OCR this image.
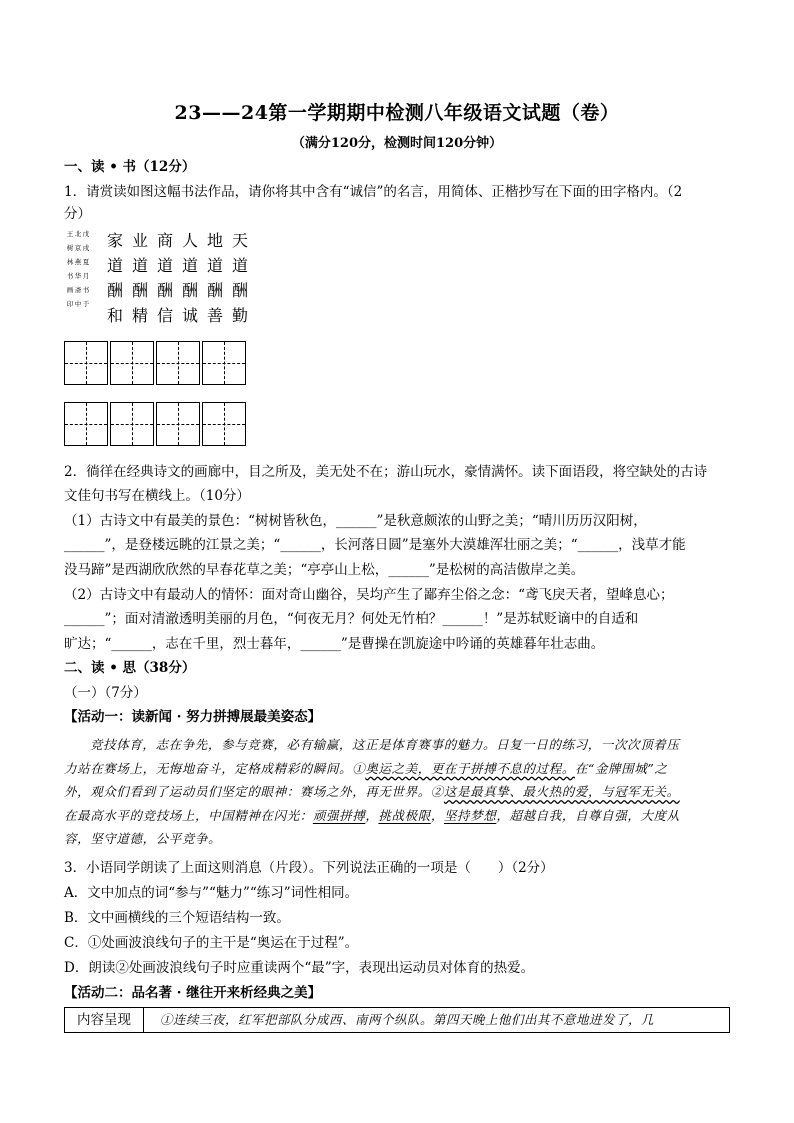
23——24第一学期期中检测八年级语文试题（卷）
（满分120分，检测时间120分钟）
一、读 • 书（12分）
1．请赏读如图这幅书法作品，请你将其中含有“诚信”的名言，用简体、正楷抄写在下面的田字格内。（2
分）
戊
戌
夏
月
书
于
北
京
燕
华
斋
中
王
树
林
书
画
印
天
道
酬
勤
地
道
酬
善
人
道
酬
诚
商
道
酬
信
业
道
酬
精
家
道
酬
和
2．徜徉在经典诗文的画廊中，目之所及，美无处不在；游山玩水，豪情满怀。读下面语段，将空缺处的古诗
文佳句书写在横线上。（10分）
（1）古诗文中有最美的景色：“树树皆秋色，______”是秋意颇浓的山野之美；“晴川历历汉阳树，
______”，是登楼远眺的江景之美；“______，长河落日圆”是塞外大漠雄浑壮丽之美；“______，浅草才能
没马蹄”是西湖欣欣然的早春花草之美；“亭亭山上松，______”是松树的高洁傲岸之美。
（2）古诗文中有最动人的情怀：面对奇山幽谷，吴均产生了鄙弃尘俗之念：“鸢飞戾天者，望峰息心；
______”；面对清澈透明美丽的月色，“何夜无月？何处无竹柏？______！”是苏轼贬谪中的自适和
旷达；“______，志在千里，烈士暮年，______”是曹操在凯旋途中吟诵的英雄暮年壮志曲。
二、读 • 思（38分）
（一）（7分）
【活动一：读新闻 · 努力拼搏展最美姿态】
竞技体育，志在争先，参与竞赛，必有输赢，这正是体育赛事的魅力。日复一日的练习，一次次顶着压
力站在赛场上，无悔地奋斗，定格成精彩的瞬间。①奥运之美，更在于拼搏不息的过程。在“金牌围城”之
外，观众们看到了运动员们坚定的眼神：赛场之外，再无世界。②这是最真挚、最火热的爱，与冠军无关。
在最高水平的竞技场上，中国精神在闪光：顽强拼搏，挑战极限，坚持梦想，超越自我，自尊自强，大度从
容，坚守道德，公平竞争。
3．小语同学朗读了上面这则消息（片段）。下列说法正确的一项是（　　）（2分）
A．文中加点的词“参与”“魅力”“练习”词性相同。
B．文中画横线的三个短语结构一致。
C．①处画波浪线句子的主干是“奥运在于过程”。
D．朗读②处画波浪线句子时应重读两个“最”字，表现出运动员对体育的热爱。
【活动二：品名著 · 继往开来析经典之美】
内容呈现	①连续三夜，红军把部队分成西、南两个纵队。第四天晚上他们出其不意地进发了，几
